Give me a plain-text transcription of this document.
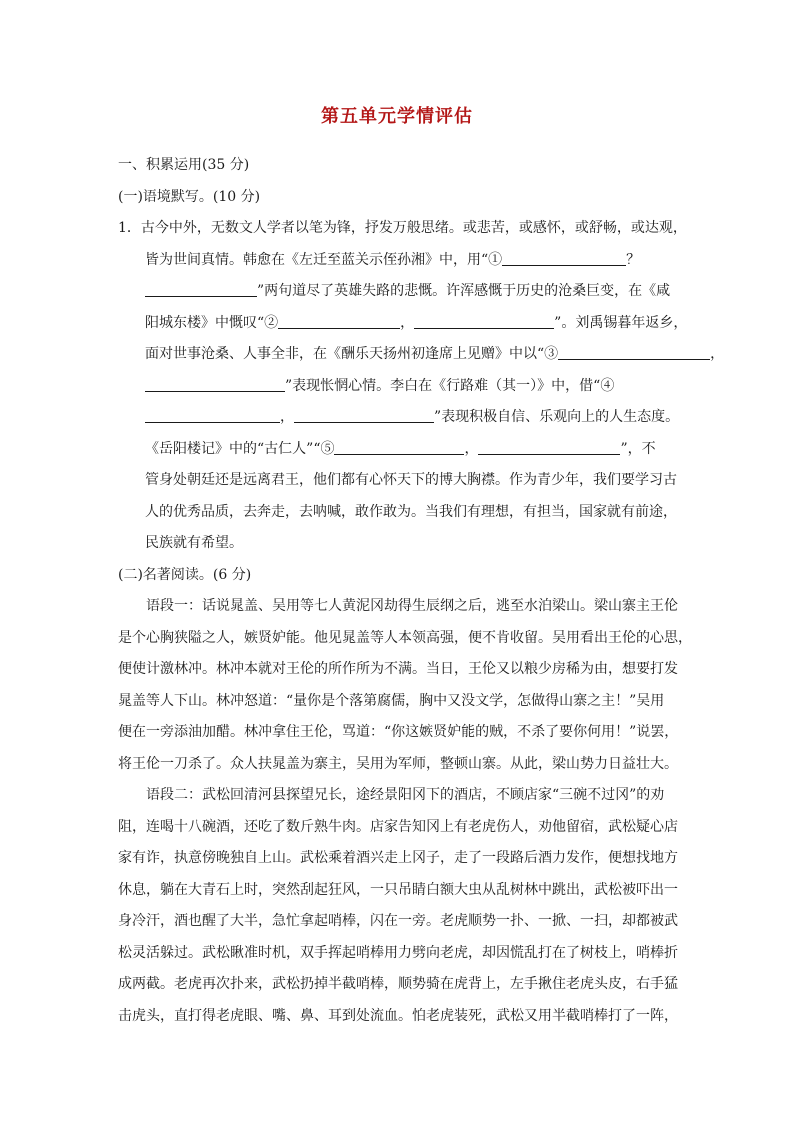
第五单元学情评估

一、积累运用(35 分)

(一)语境默写。(10 分)

1．古今中外，无数文人学者以笔为锋，抒发万般思绪。或悲苦，或感怀，或舒畅，或达观，

皆为世间真情。韩愈在《左迁至蓝关示侄孙湘》中，用“①	？

”两句道尽了英雄失路的悲慨。许浑感慨于历史的沧桑巨变，在《咸

阳城东楼》中慨叹“②	，	”。刘禹锡暮年返乡，

面对世事沧桑、人事全非，在《酬乐天扬州初逢席上见赠》中以“③	，

”表现怅惘心情。李白在《行路难（其一）》中，借“④

，	”表现积极自信、乐观向上的人生态度。

《岳阳楼记》中的“古仁人”“⑤	，	”，不

管身处朝廷还是远离君王，他们都有心怀天下的博大胸襟。作为青少年，我们要学习古

人的优秀品质，去奔走，去呐喊，敢作敢为。当我们有理想，有担当，国家就有前途，

民族就有希望。

(二)名著阅读。(6 分)

语段一：话说晁盖、吴用等七人黄泥冈劫得生辰纲之后，逃至水泊梁山。梁山寨主王伦

是个心胸狭隘之人，嫉贤妒能。他见晁盖等人本领高强，便不肯收留。吴用看出王伦的心思，

便使计激林冲。林冲本就对王伦的所作所为不满。当日，王伦又以粮少房稀为由，想要打发

晁盖等人下山。林冲怒道：“量你是个落第腐儒，胸中又没文学，怎做得山寨之主！”吴用

便在一旁添油加醋。林冲拿住王伦，骂道：“你这嫉贤妒能的贼，不杀了要你何用！”说罢，

将王伦一刀杀了。众人扶晁盖为寨主，吴用为军师，整顿山寨。从此，梁山势力日益壮大。

语段二：武松回清河县探望兄长，途经景阳冈下的酒店，不顾店家“三碗不过冈”的劝

阻，连喝十八碗酒，还吃了数斤熟牛肉。店家告知冈上有老虎伤人，劝他留宿，武松疑心店

家有诈，执意傍晚独自上山。武松乘着酒兴走上冈子，走了一段路后酒力发作，便想找地方

休息，躺在大青石上时，突然刮起狂风，一只吊睛白额大虫从乱树林中跳出，武松被吓出一

身冷汗，酒也醒了大半，急忙拿起哨棒，闪在一旁。老虎顺势一扑、一掀、一扫，却都被武

松灵活躲过。武松瞅准时机，双手挥起哨棒用力劈向老虎，却因慌乱打在了树枝上，哨棒折

成两截。老虎再次扑来，武松扔掉半截哨棒，顺势骑在虎背上，左手揪住老虎头皮，右手猛

击虎头，直打得老虎眼、嘴、鼻、耳到处流血。怕老虎装死，武松又用半截哨棒打了一阵，
